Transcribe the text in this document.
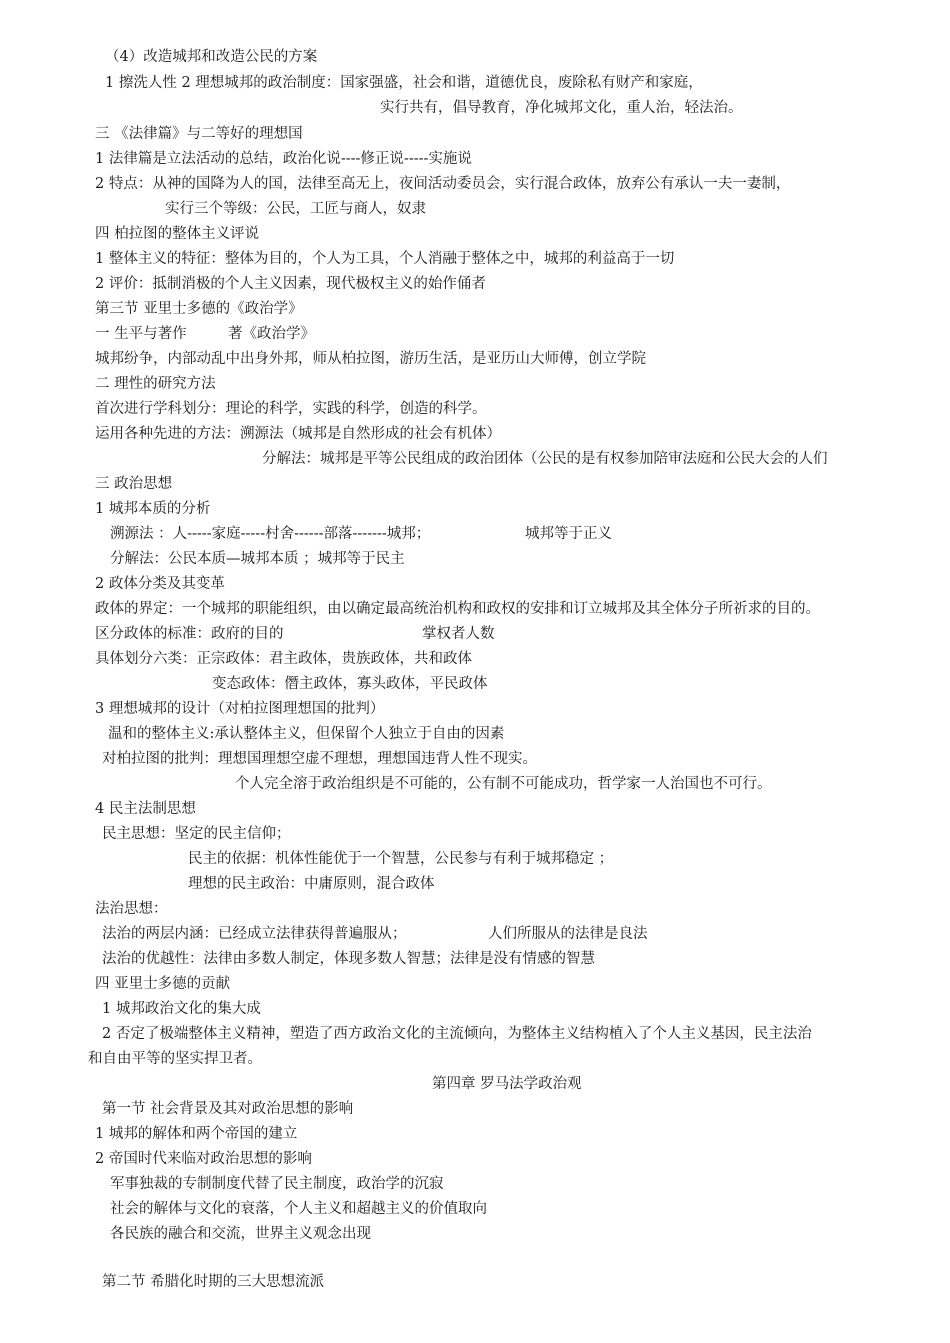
（4）改造城邦和改造公民的方案
1 擦洗人性 2 理想城邦的政治制度：国家强盛，社会和谐，道德优良，废除私有财产和家庭，
实行共有，倡导教育，净化城邦文化，重人治，轻法治。
三 《法律篇》与二等好的理想国
1 法律篇是立法活动的总结，政治化说----修正说-----实施说
2 特点：从神的国降为人的国，法律至高无上，夜间活动委员会，实行混合政体，放弃公有承认一夫一妻制，
实行三个等级：公民，工匠与商人，奴隶
四 柏拉图的整体主义评说
1 整体主义的特征：整体为目的，个人为工具，个人消融于整体之中，城邦的利益高于一切
2 评价：抵制消极的个人主义因素，现代极权主义的始作俑者
第三节 亚里士多德的《政治学》
一 生平与著作	著《政治学》
城邦纷争，内部动乱中出身外邦，师从柏拉图，游历生活，是亚历山大师傅，创立学院
二 理性的研究方法
首次进行学科划分：理论的科学，实践的科学，创造的科学。
运用各种先进的方法：溯源法（城邦是自然形成的社会有机体）
分解法：城邦是平等公民组成的政治团体（公民的是有权参加陪审法庭和公民大会的人们
三 政治思想
1 城邦本质的分析
溯源法 ：人-----家庭-----村舍------部落-------城邦；	城邦等于正义
分解法：公民本质—城邦本质 ；城邦等于民主
2 政体分类及其变革
政体的界定：一个城邦的职能组织，由以确定最高统治机构和政权的安排和订立城邦及其全体分子所祈求的目的。
区分政体的标准：政府的目的	掌权者人数
具体划分六类：正宗政体：君主政体，贵族政体，共和政体
变态政体：僭主政体，寡头政体，平民政体
3 理想城邦的设计（对柏拉图理想国的批判）
温和的整体主义:承认整体主义，但保留个人独立于自由的因素
对柏拉图的批判：理想国理想空虚不理想，理想国违背人性不现实。
个人完全溶于政治组织是不可能的，公有制不可能成功，哲学家一人治国也不可行。
4 民主法制思想
民主思想：坚定的民主信仰；
民主的依据：机体性能优于一个智慧，公民参与有利于城邦稳定 ；
理想的民主政治：中庸原则，混合政体
法治思想：
法治的两层内涵：已经成立法律获得普遍服从；	人们所服从的法律是良法
法治的优越性：法律由多数人制定，体现多数人智慧；法律是没有情感的智慧
四 亚里士多德的贡献
1 城邦政治文化的集大成
2 否定了极端整体主义精神，塑造了西方政治文化的主流倾向，为整体主义结构植入了个人主义基因，民主法治
和自由平等的坚实捍卫者。
第四章 罗马法学政治观
第一节 社会背景及其对政治思想的影响
1 城邦的解体和两个帝国的建立
2 帝国时代来临对政治思想的影响
军事独裁的专制制度代替了民主制度，政治学的沉寂
社会的解体与文化的衰落，个人主义和超越主义的价值取向
各民族的融合和交流，世界主义观念出现
第二节 希腊化时期的三大思想流派
